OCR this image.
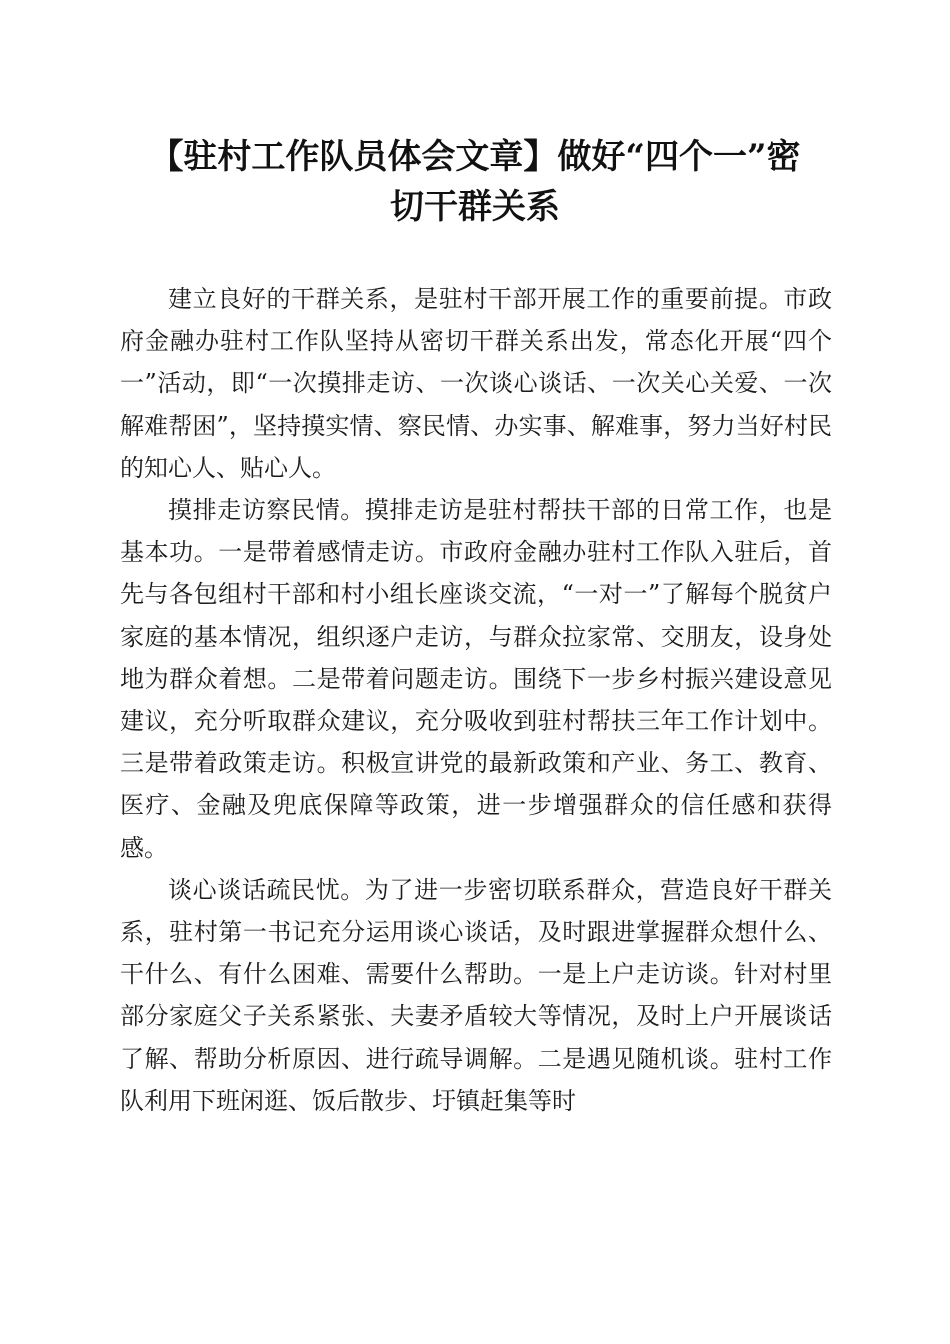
【驻村工作队员体会文章】做好“四个一”密
切干群关系

建立良好的干群关系，是驻村干部开展工作的重要前提。市政府金融办驻村工作队坚持从密切干群关系出发，常态化开展“四个一”活动，即“一次摸排走访、一次谈心谈话、一次关心关爱、一次解难帮困”，坚持摸实情、察民情、办实事、解难事，努力当好村民的知心人、贴心人。

摸排走访察民情。摸排走访是驻村帮扶干部的日常工作，也是基本功。一是带着感情走访。市政府金融办驻村工作队入驻后，首先与各包组村干部和村小组长座谈交流，“一对一”了解每个脱贫户家庭的基本情况，组织逐户走访，与群众拉家常、交朋友，设身处地为群众着想。二是带着问题走访。围绕下一步乡村振兴建设意见建议，充分听取群众建议，充分吸收到驻村帮扶三年工作计划中。三是带着政策走访。积极宣讲党的最新政策和产业、务工、教育、医疗、金融及兜底保障等政策，进一步增强群众的信任感和获得感。

谈心谈话疏民忧。为了进一步密切联系群众，营造良好干群关系，驻村第一书记充分运用谈心谈话，及时跟进掌握群众想什么、干什么、有什么困难、需要什么帮助。一是上户走访谈。针对村里部分家庭父子关系紧张、夫妻矛盾较大等情况，及时上户开展谈话了解、帮助分析原因、进行疏导调解。二是遇见随机谈。驻村工作队利用下班闲逛、饭后散步、圩镇赶集等时
